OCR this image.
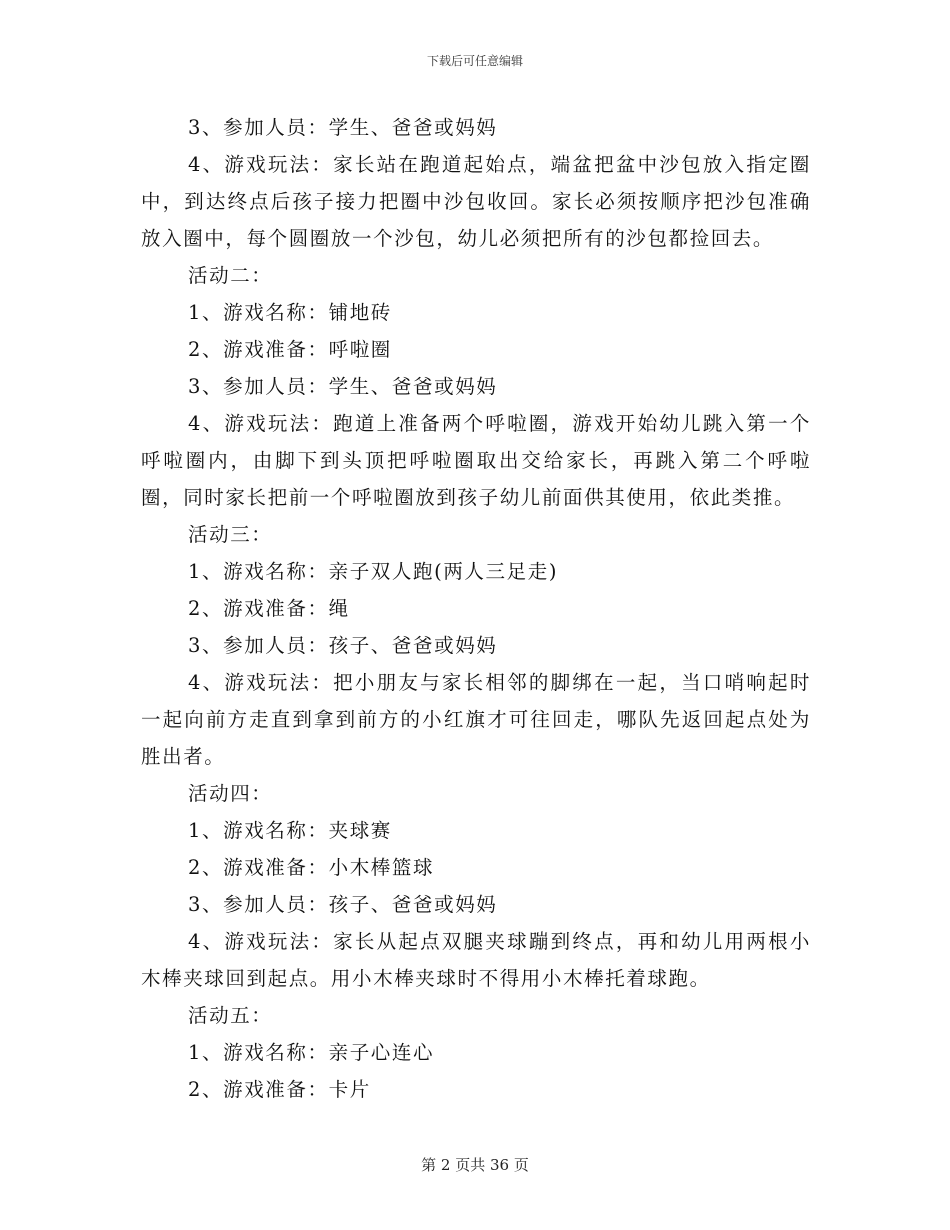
下载后可任意编辑

3、参加人员：学生、爸爸或妈妈

4、游戏玩法：家长站在跑道起始点，端盆把盆中沙包放入指定圈中，到达终点后孩子接力把圈中沙包收回。家长必须按顺序把沙包准确放入圈中，每个圆圈放一个沙包，幼儿必须把所有的沙包都捡回去。

活动二：

1、游戏名称：铺地砖

2、游戏准备：呼啦圈

3、参加人员：学生、爸爸或妈妈

4、游戏玩法：跑道上准备两个呼啦圈，游戏开始幼儿跳入第一个呼啦圈内，由脚下到头顶把呼啦圈取出交给家长，再跳入第二个呼啦圈，同时家长把前一个呼啦圈放到孩子幼儿前面供其使用，依此类推。

活动三：

1、游戏名称：亲子双人跑(两人三足走)

2、游戏准备：绳

3、参加人员：孩子、爸爸或妈妈

4、游戏玩法：把小朋友与家长相邻的脚绑在一起，当口哨响起时一起向前方走直到拿到前方的小红旗才可往回走，哪队先返回起点处为胜出者。

活动四：

1、游戏名称：夹球赛

2、游戏准备：小木棒篮球

3、参加人员：孩子、爸爸或妈妈

4、游戏玩法：家长从起点双腿夹球蹦到终点，再和幼儿用两根小木棒夹球回到起点。用小木棒夹球时不得用小木棒托着球跑。

活动五：

1、游戏名称：亲子心连心

2、游戏准备：卡片

第 2 页共 36 页
